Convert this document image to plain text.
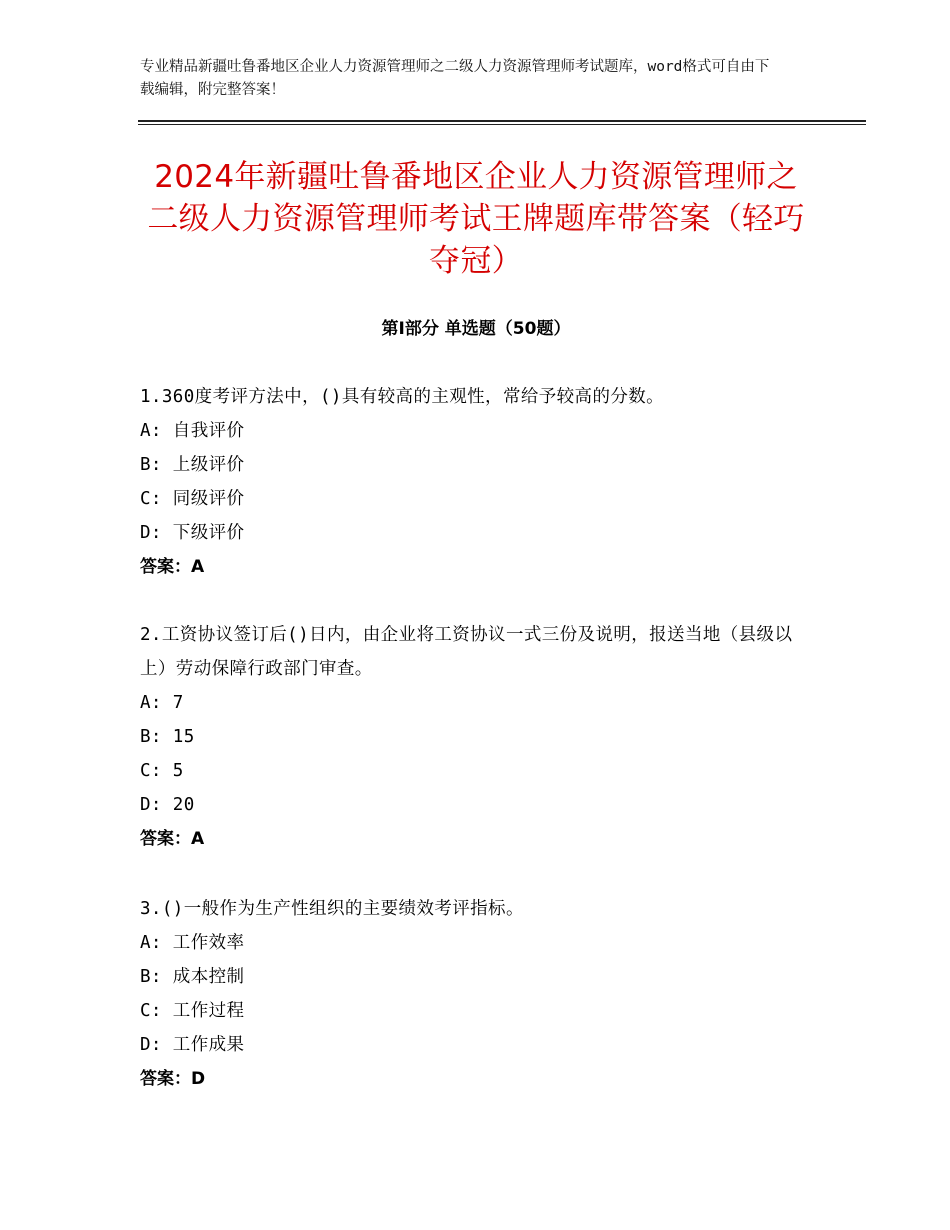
专业精品新疆吐鲁番地区企业人力资源管理师之二级人力资源管理师考试题库，word格式可自由下载编辑，附完整答案！
2024年新疆吐鲁番地区企业人力资源管理师之二级人力资源管理师考试王牌题库带答案（轻巧夺冠）
第Ⅰ部分 单选题（50题）
1.360度考评方法中，()具有较高的主观性，常给予较高的分数。
A: 自我评价
B: 上级评价
C: 同级评价
D: 下级评价
答案：A
2.工资协议签订后()日内，由企业将工资协议一式三份及说明，报送当地（县级以上）劳动保障行政部门审查。
A: 7
B: 15
C: 5
D: 20
答案：A
3.()一般作为生产性组织的主要绩效考评指标。
A: 工作效率
B: 成本控制
C: 工作过程
D: 工作成果
答案：D
